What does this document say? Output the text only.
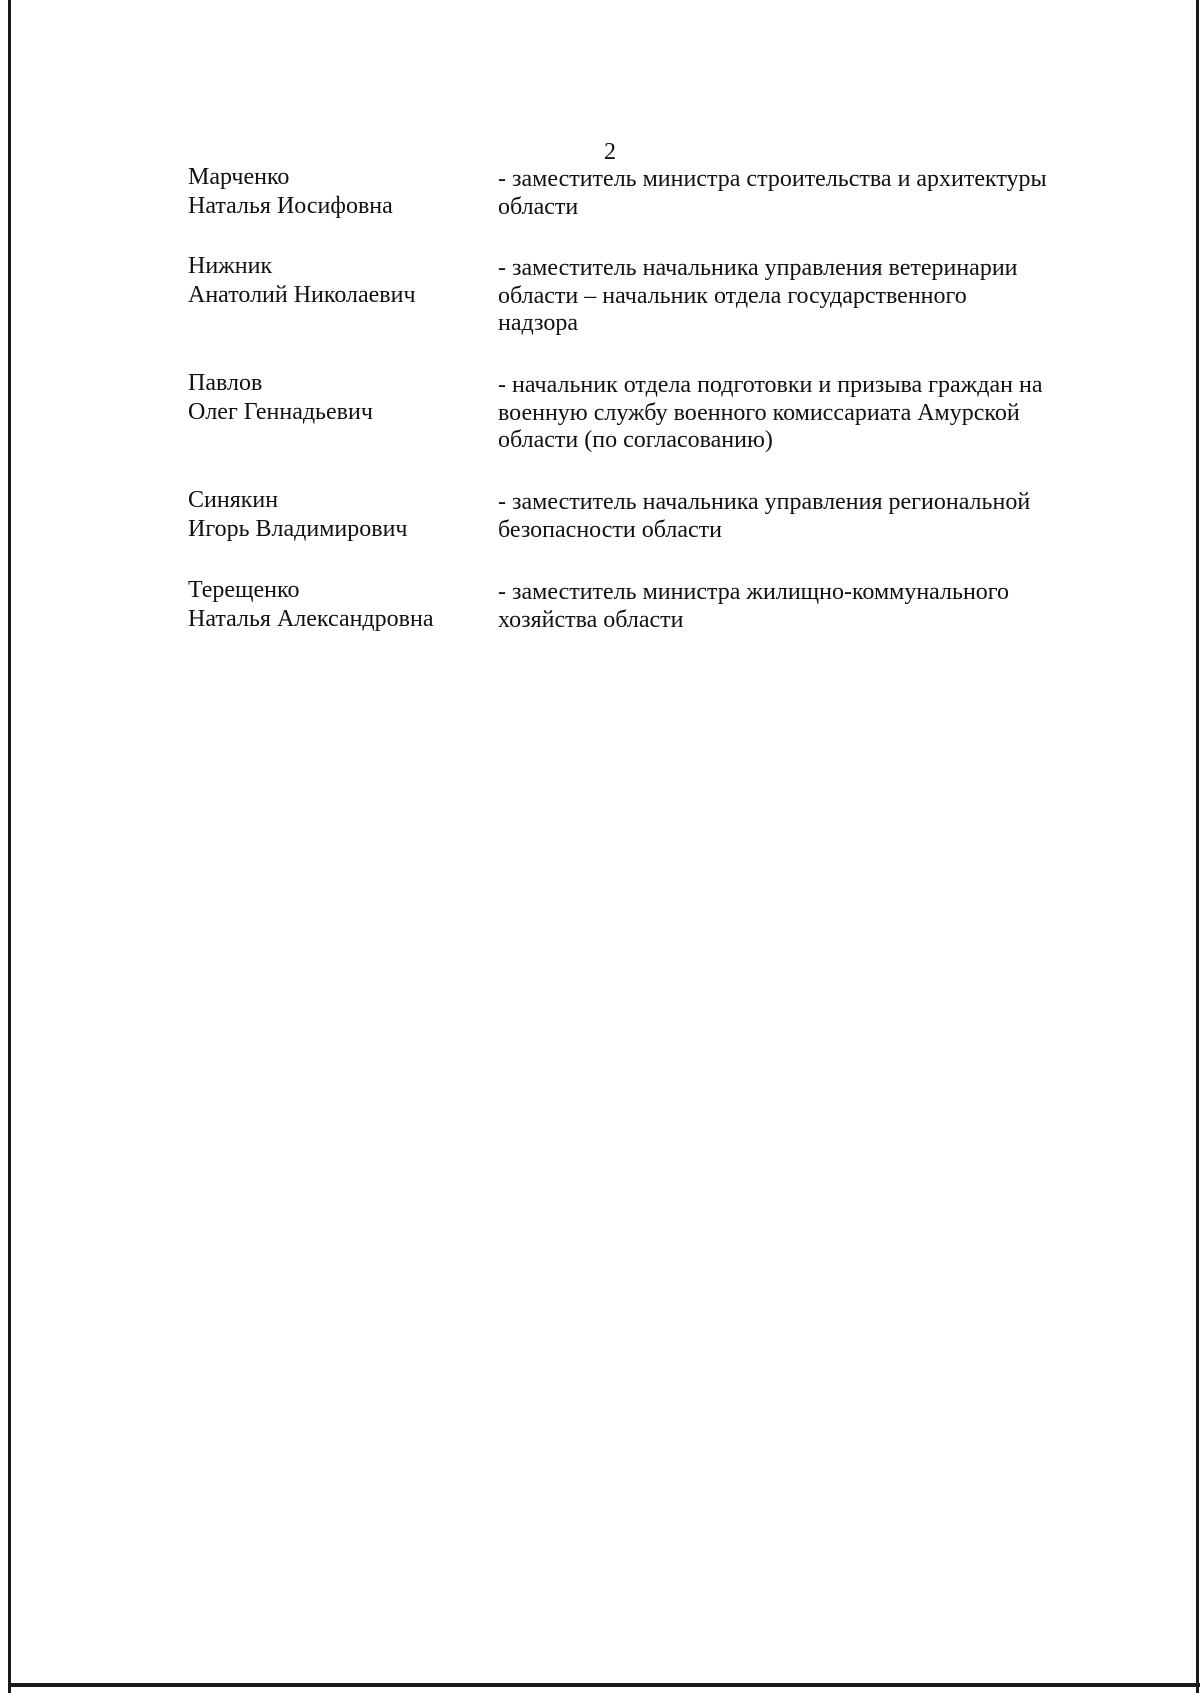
2
Марченко
Наталья Иосифовна
- заместитель министра строительства и архитектуры
области
Нижник
Анатолий Николаевич
- заместитель начальника управления ветеринарии
области – начальник отдела государственного
надзора
Павлов
Олег Геннадьевич
- начальник отдела подготовки и призыва граждан на
военную службу военного комиссариата Амурской
области (по согласованию)
Синякин
Игорь Владимирович
- заместитель начальника управления региональной
безопасности области
Терещенко
Наталья Александровна
- заместитель министра жилищно-коммунального
хозяйства области
